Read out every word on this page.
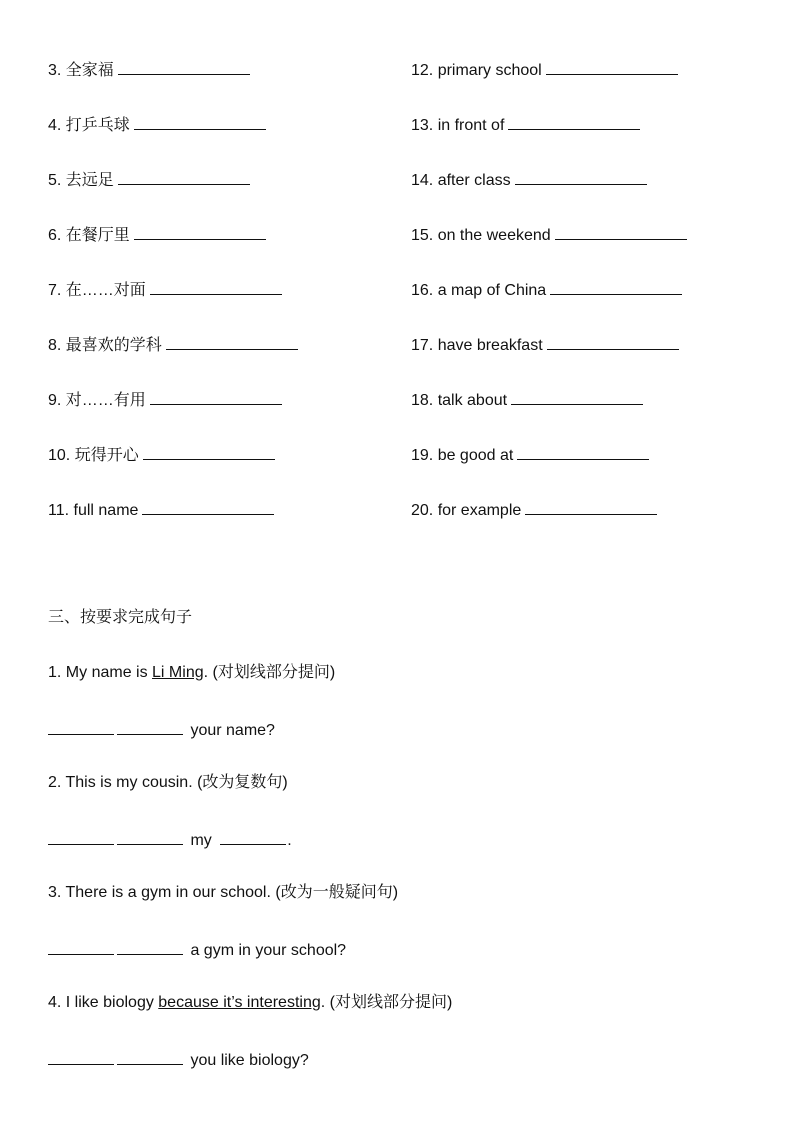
3. 全家福	12. primary school
4. 打乒乓球	13. in front of
5. 去远足	14. after class
6. 在餐厅里	15. on the weekend
7. 在……对面	16. a map of China
8. 最喜欢的学科	17. have breakfast
9. 对……有用	18. talk about
10. 玩得开心	19. be good at
11. full name	20. for example
三、按要求完成句子
1. My name is Li Ming. (对划线部分提问)
your name?
2. This is my cousin. (改为复数句)
my	.
3. There is a gym in our school. (改为一般疑问句)
a gym in your school?
4. I like biology because it’s interesting. (对划线部分提问)
you like biology?
